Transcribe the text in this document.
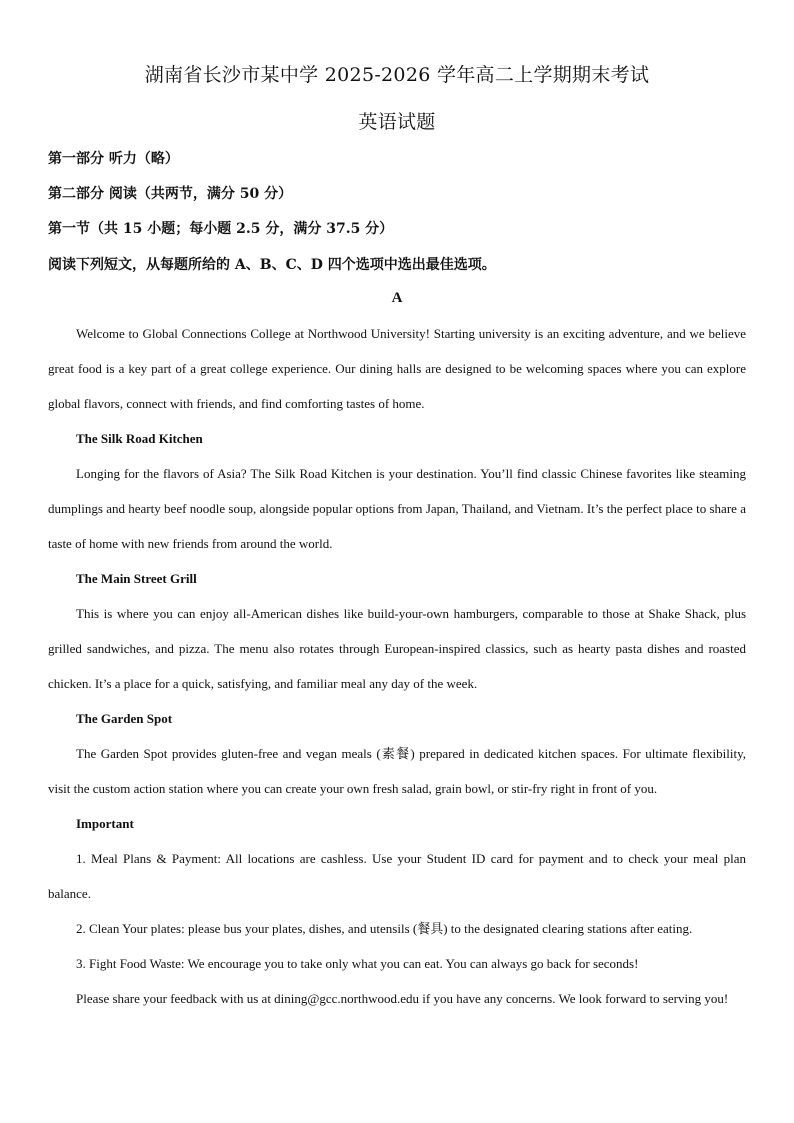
湖南省长沙市某中学 2025-2026 学年高二上学期期末考试
英语试题
第一部分 听力（略）
第二部分 阅读（共两节，满分 50 分）
第一节（共 15 小题；每小题 2.5 分，满分 37.5 分）
阅读下列短文，从每题所给的 A、B、C、D 四个选项中选出最佳选项。
A

Welcome to Global Connections College at Northwood University! Starting university is an exciting adventure, and we believe great food is a key part of a great college experience. Our dining halls are designed to be welcoming spaces where you can explore global flavors, connect with friends, and find comforting tastes of home.

The Silk Road Kitchen

Longing for the flavors of Asia? The Silk Road Kitchen is your destination. You’ll find classic Chinese favorites like steaming dumplings and hearty beef noodle soup, alongside popular options from Japan, Thailand, and Vietnam. It’s the perfect place to share a taste of home with new friends from around the world.

The Main Street Grill

This is where you can enjoy all-American dishes like build-your-own hamburgers, comparable to those at Shake Shack, plus grilled sandwiches, and pizza. The menu also rotates through European-inspired classics, such as hearty pasta dishes and roasted chicken. It’s a place for a quick, satisfying, and familiar meal any day of the week.

The Garden Spot

The Garden Spot provides gluten-free and vegan meals (素餐) prepared in dedicated kitchen spaces. For ultimate flexibility, visit the custom action station where you can create your own fresh salad, grain bowl, or stir-fry right in front of you.

Important

1. Meal Plans & Payment: All locations are cashless. Use your Student ID card for payment and to check your meal plan balance.

2. Clean Your plates: please bus your plates, dishes, and utensils (餐具) to the designated clearing stations after eating.

3. Fight Food Waste: We encourage you to take only what you can eat. You can always go back for seconds!

Please share your feedback with us at dining@gcc.northwood.edu if you have any concerns. We look forward to serving you!
